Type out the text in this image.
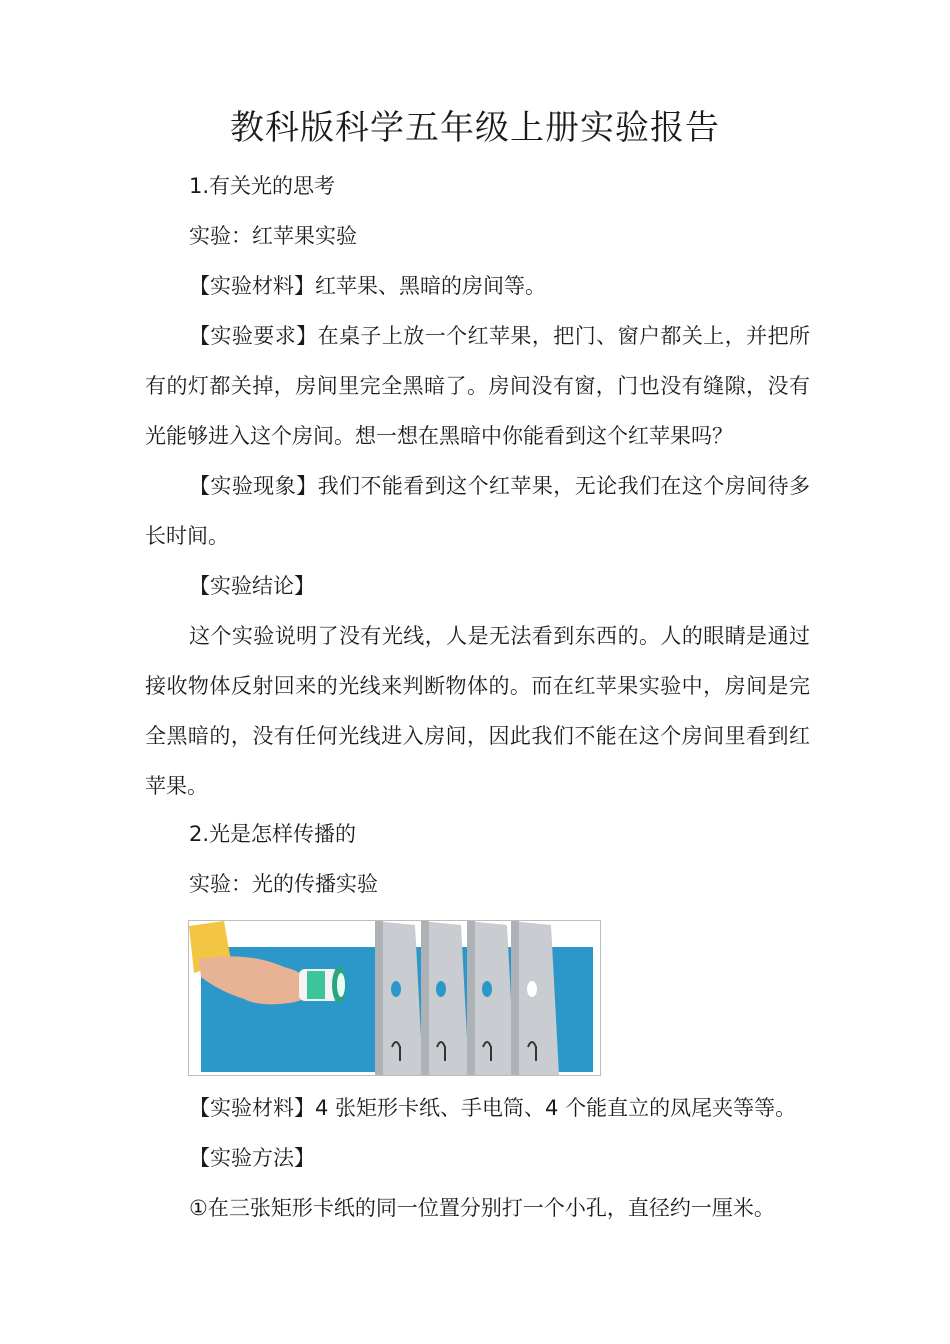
教科版科学五年级上册实验报告

1.有关光的思考

实验：红苹果实验

【实验材料】红苹果、黑暗的房间等。

【实验要求】在桌子上放一个红苹果，把门、窗户都关上，并把所有的灯都关掉，房间里完全黑暗了。房间没有窗，门也没有缝隙，没有光能够进入这个房间。想一想在黑暗中你能看到这个红苹果吗？

【实验现象】我们不能看到这个红苹果，无论我们在这个房间待多长时间。

【实验结论】

这个实验说明了没有光线，人是无法看到东西的。人的眼睛是通过接收物体反射回来的光线来判断物体的。而在红苹果实验中，房间是完全黑暗的，没有任何光线进入房间，因此我们不能在这个房间里看到红苹果。

2.光是怎样传播的

实验：光的传播实验

【实验材料】4 张矩形卡纸、手电筒、4 个能直立的凤尾夹等等。

【实验方法】

①在三张矩形卡纸的同一位置分别打一个小孔，直径约一厘米。
